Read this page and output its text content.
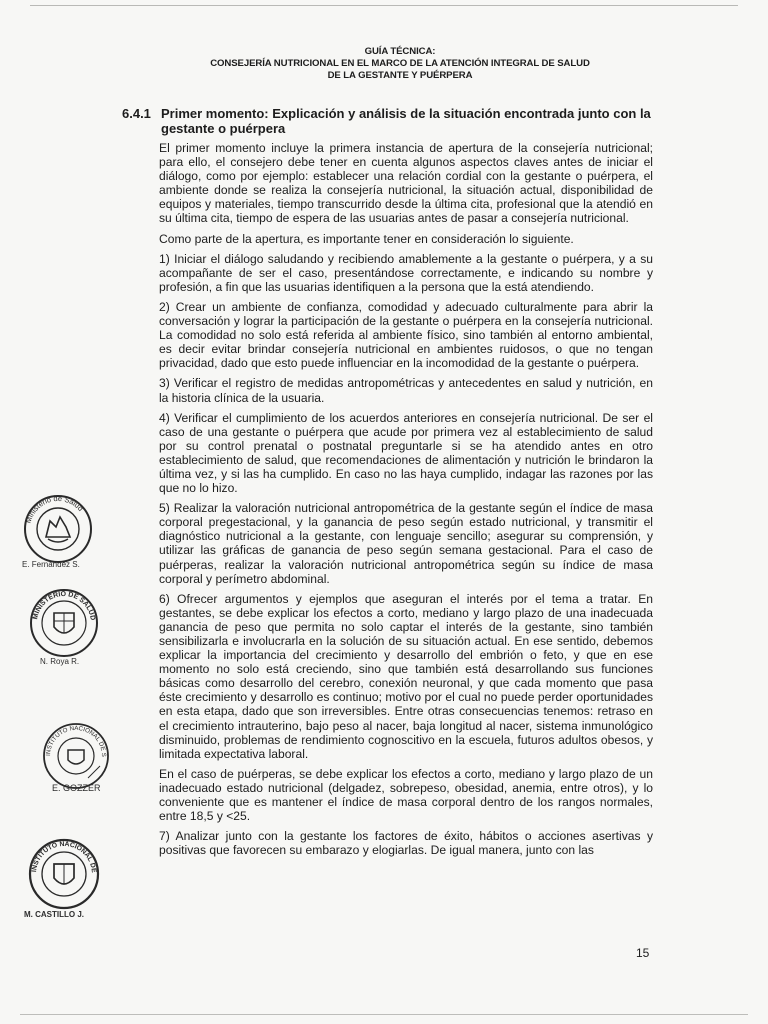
GUÍA TÉCNICA:
CONSEJERÍA NUTRICIONAL EN EL MARCO DE LA ATENCIÓN INTEGRAL DE SALUD
DE LA GESTANTE Y PUÉRPERA
6.4.1 Primer momento: Explicación y análisis de la situación encontrada junto con la gestante o puérpera

El primer momento incluye la primera instancia de apertura de la consejería nutricional; para ello, el consejero debe tener en cuenta algunos aspectos claves antes de iniciar el diálogo, como por ejemplo: establecer una relación cordial con la gestante o puérpera, el ambiente donde se realiza la consejería nutricional, la situación actual, disponibilidad de equipos y materiales, tiempo transcurrido desde la última cita, profesional que la atendió en su última cita, tiempo de espera de las usuarias antes de pasar a consejería nutricional.

Como parte de la apertura, es importante tener en consideración lo siguiente.

1) Iniciar el diálogo saludando y recibiendo amablemente a la gestante o puérpera, y a su acompañante de ser el caso, presentándose correctamente, e indicando su nombre y profesión, a fin que las usuarias identifiquen a la persona que la está atendiendo.

2) Crear un ambiente de confianza, comodidad y adecuado culturalmente para abrir la conversación y lograr la participación de la gestante o puérpera en la consejería nutricional. La comodidad no solo está referida al ambiente físico, sino también al entorno ambiental, es decir evitar brindar consejería nutricional en ambientes ruidosos, o que no tengan privacidad, dado que esto puede influenciar en la incomodidad de la gestante o puérpera.

3) Verificar el registro de medidas antropométricas y antecedentes en salud y nutrición, en la historia clínica de la usuaria.

4) Verificar el cumplimiento de los acuerdos anteriores en consejería nutricional. De ser el caso de una gestante o puérpera que acude por primera vez al establecimiento de salud por su control prenatal o postnatal preguntarle si se ha atendido antes en otro establecimiento de salud, que recomendaciones de alimentación y nutrición le brindaron la última vez, y si las ha cumplido. En caso no las haya cumplido, indagar las razones por las que no lo hizo.

5) Realizar la valoración nutricional antropométrica de la gestante según el índice de masa corporal pregestacional, y la ganancia de peso según estado nutricional, y transmitir el diagnóstico nutricional a la gestante, con lenguaje sencillo; asegurar su comprensión, y utilizar las gráficas de ganancia de peso según semana gestacional. Para el caso de puérperas, realizar la valoración nutricional antropométrica según su índice de masa corporal y perímetro abdominal.

6) Ofrecer argumentos y ejemplos que aseguran el interés por el tema a tratar. En gestantes, se debe explicar los efectos a corto, mediano y largo plazo de una inadecuada ganancia de peso que permita no solo captar el interés de la gestante, sino también sensibilizarla e involucrarla en la solución de su situación actual. En ese sentido, debemos explicar la importancia del crecimiento y desarrollo del embrión o feto, y que en ese momento no solo está creciendo, sino que también está desarrollando sus funciones básicas como desarrollo del cerebro, conexión neuronal, y que cada momento que pasa éste crecimiento y desarrollo es continuo; motivo por el cual no puede perder oportunidades en esta etapa, dado que son irreversibles. Entre otras consecuencias tenemos: retraso en el crecimiento intrauterino, bajo peso al nacer, baja longitud al nacer, sistema inmunológico disminuido, problemas de rendimiento cognoscitivo en la escuela, futuros adultos obesos, y limitada expectativa laboral.

En el caso de puérperas, se debe explicar los efectos a corto, mediano y largo plazo de un inadecuado estado nutricional (delgadez, sobrepeso, obesidad, anemia, entre otros), y lo conveniente que es mantener el índice de masa corporal dentro de los rangos normales, entre 18,5 y <25.

7) Analizar junto con la gestante los factores de éxito, hábitos o acciones asertivas y positivas que favorecen su embarazo y elogiarlas. De igual manera, junto con las

Ministerio de Salud
E. Fernández S.
MINISTERIO DE SALUD
N. Roya R.
INSTITUTO NACIONAL DE S
E. GOZZER
INSTITUTO NACIONAL DE
M. CASTILLO J.
15
